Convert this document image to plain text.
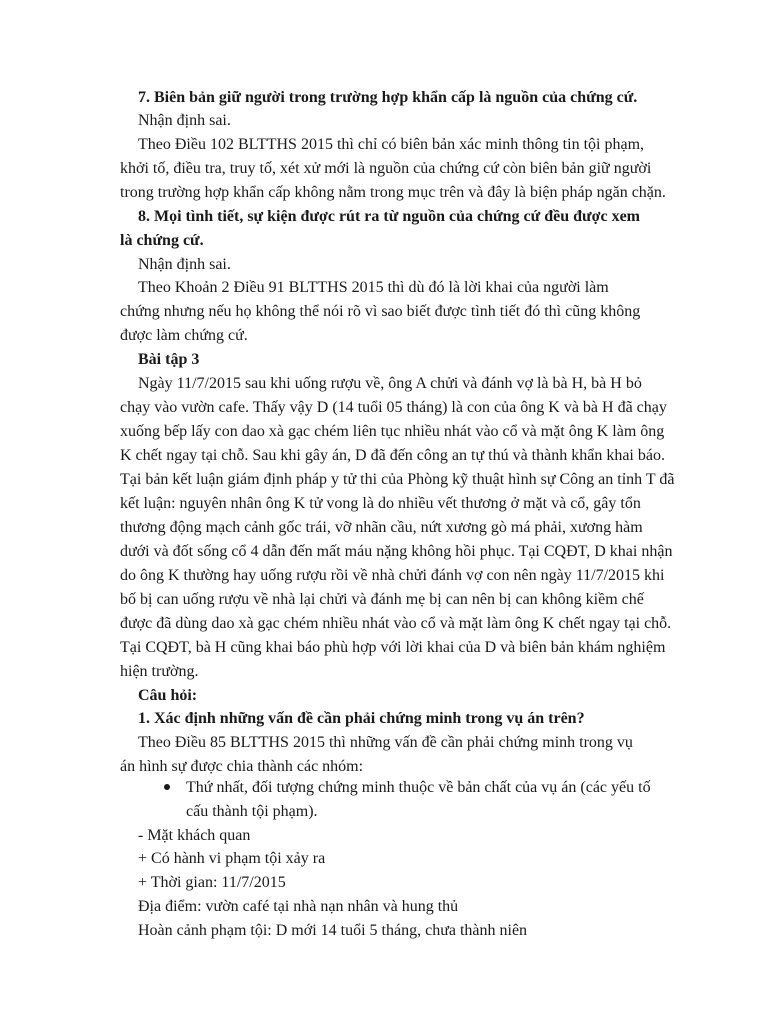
7. Biên bản giữ người trong trường hợp khẩn cấp là nguồn của chứng cứ.
Nhận định sai.
Theo Điều 102 BLTTHS 2015 thì chỉ có biên bản xác minh thông tin tội phạm,
khởi tố, điều tra, truy tố, xét xử mới là nguồn của chứng cứ còn biên bản giữ người
trong trường hợp khẩn cấp không nằm trong mục trên và đây là biện pháp ngăn chặn.
8. Mọi tình tiết, sự kiện được rút ra từ nguồn của chứng cứ đều được xem
là chứng cứ.
Nhận định sai.
Theo Khoản 2 Điều 91 BLTTHS 2015 thì dù đó là lời khai của người làm
chứng nhưng nếu họ không thể nói rõ vì sao biết được tình tiết đó thì cũng không
được làm chứng cứ.
Bài tập 3
Ngày 11/7/2015 sau khi uống rượu về, ông A chửi và đánh vợ là bà H, bà H bỏ
chạy vào vườn cafe. Thấy vậy D (14 tuổi 05 tháng) là con của ông K và bà H đã chạy
xuống bếp lấy con dao xà gạc chém liên tục nhiều nhát vào cổ và mặt ông K làm ông
K chết ngay tại chỗ. Sau khi gây án, D đã đến công an tự thú và thành khẩn khai báo.
Tại bản kết luận giám định pháp y tử thi của Phòng kỹ thuật hình sự Công an tỉnh T đã
kết luận: nguyên nhân ông K tử vong là do nhiều vết thương ở mặt và cổ, gây tổn
thương động mạch cảnh gốc trái, vỡ nhãn cầu, nứt xương gò má phải, xương hàm
dưới và đốt sống cổ 4 dẫn đến mất máu nặng không hồi phục. Tại CQĐT, D khai nhận
do ông K thường hay uống rượu rồi về nhà chửi đánh vợ con nên ngày 11/7/2015 khi
bố bị can uống rượu về nhà lại chửi và đánh mẹ bị can nên bị can không kiềm chế
được đã dùng dao xà gạc chém nhiều nhát vào cổ và mặt làm ông K chết ngay tại chỗ.
Tại CQĐT, bà H cũng khai báo phù hợp với lời khai của D và biên bản khám nghiệm
hiện trường.
Câu hỏi:
1. Xác định những vấn đề cần phải chứng minh trong vụ án trên?
Theo Điều 85 BLTTHS 2015 thì những vấn đề cần phải chứng minh trong vụ
án hình sự được chia thành các nhóm:
Thứ nhất, đối tượng chứng minh thuộc về bản chất của vụ án (các yếu tố
cấu thành tội phạm).
- Mặt khách quan
+ Có hành vi phạm tội xảy ra
+ Thời gian: 11/7/2015
Địa điểm: vườn café tại nhà nạn nhân và hung thủ
Hoàn cảnh phạm tội: D mới 14 tuổi 5 tháng, chưa thành niên
